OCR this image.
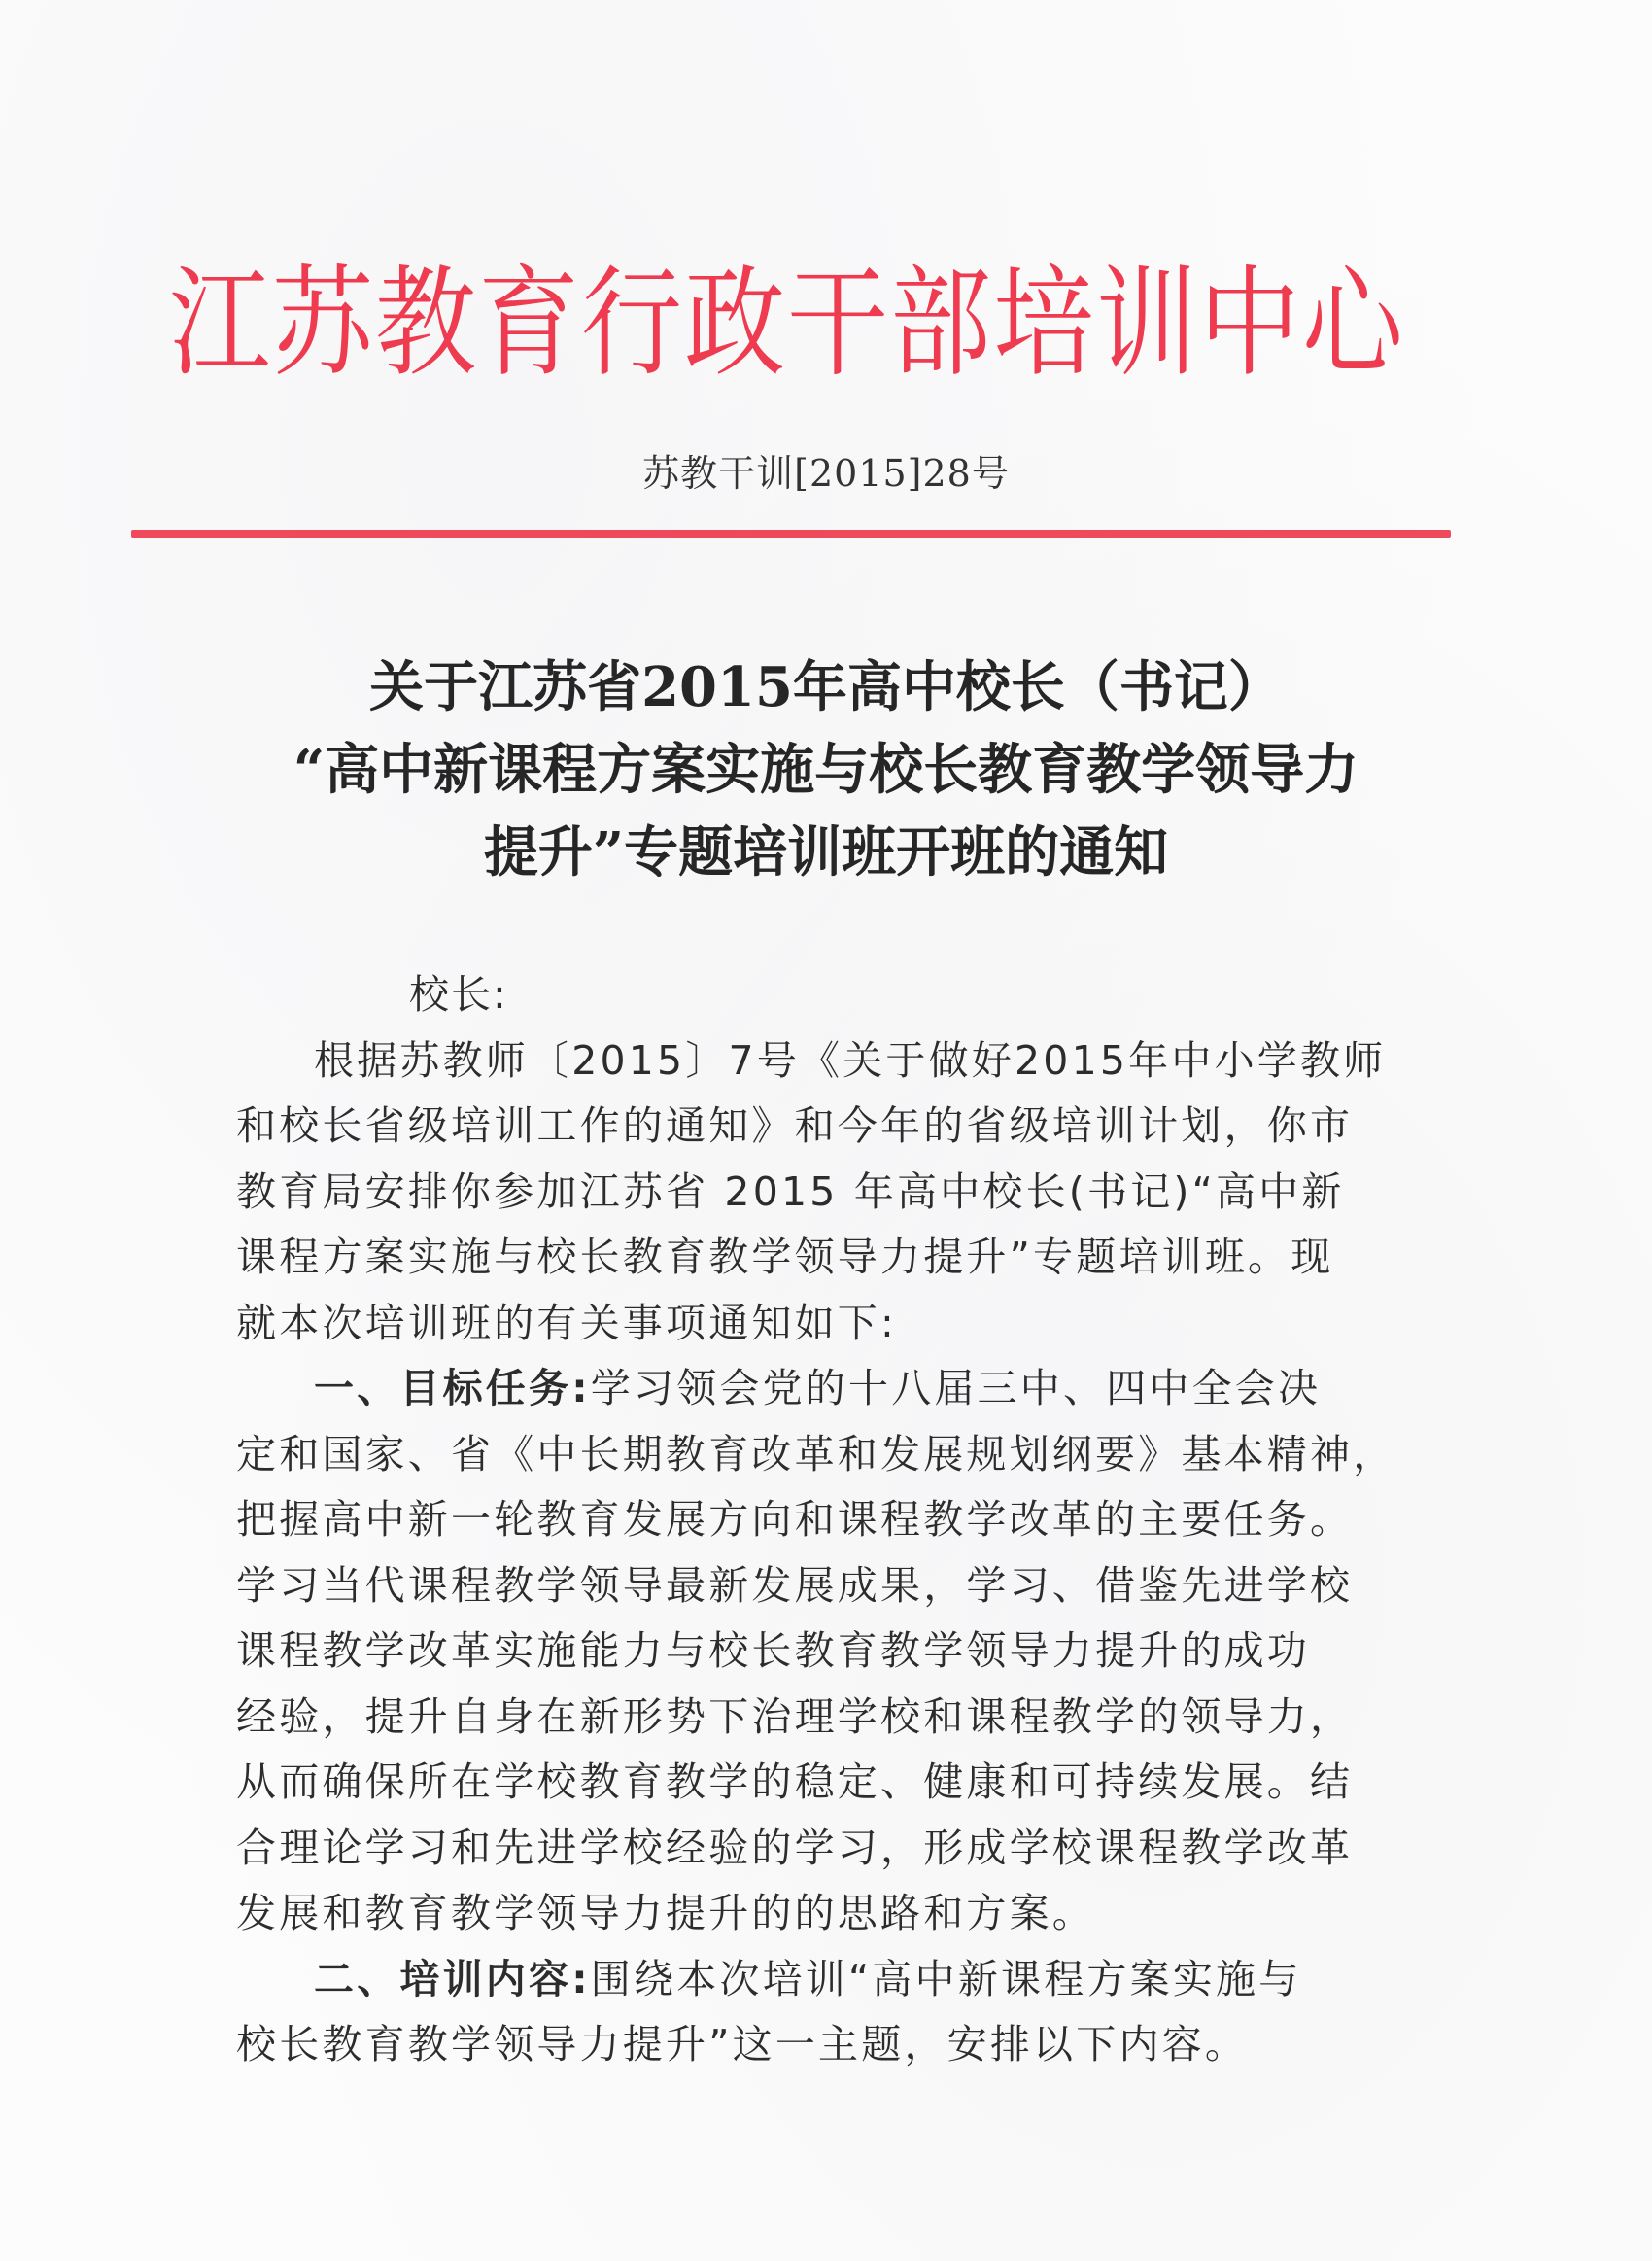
江苏教育行政干部培训中心
苏教干训[2015]28号
关于江苏省2015年高中校长（书记）
“高中新课程方案实施与校长教育教学领导力
提升”专题培训班开班的通知
校长:
根据苏教师〔2015〕7号《关于做好2015年中小学教师
和校长省级培训工作的通知》和今年的省级培训计划，你市
教育局安排你参加江苏省 2015 年高中校长(书记)“高中新
课程方案实施与校长教育教学领导力提升”专题培训班。现
就本次培训班的有关事项通知如下:
一、目标任务:学习领会党的十八届三中、四中全会决
定和国家、省《中长期教育改革和发展规划纲要》基本精神，
把握高中新一轮教育发展方向和课程教学改革的主要任务。
学习当代课程教学领导最新发展成果，学习、借鉴先进学校
课程教学改革实施能力与校长教育教学领导力提升的成功
经验，提升自身在新形势下治理学校和课程教学的领导力，
从而确保所在学校教育教学的稳定、健康和可持续发展。结
合理论学习和先进学校经验的学习，形成学校课程教学改革
发展和教育教学领导力提升的的思路和方案。
二、培训内容:围绕本次培训“高中新课程方案实施与
校长教育教学领导力提升”这一主题，安排以下内容。
